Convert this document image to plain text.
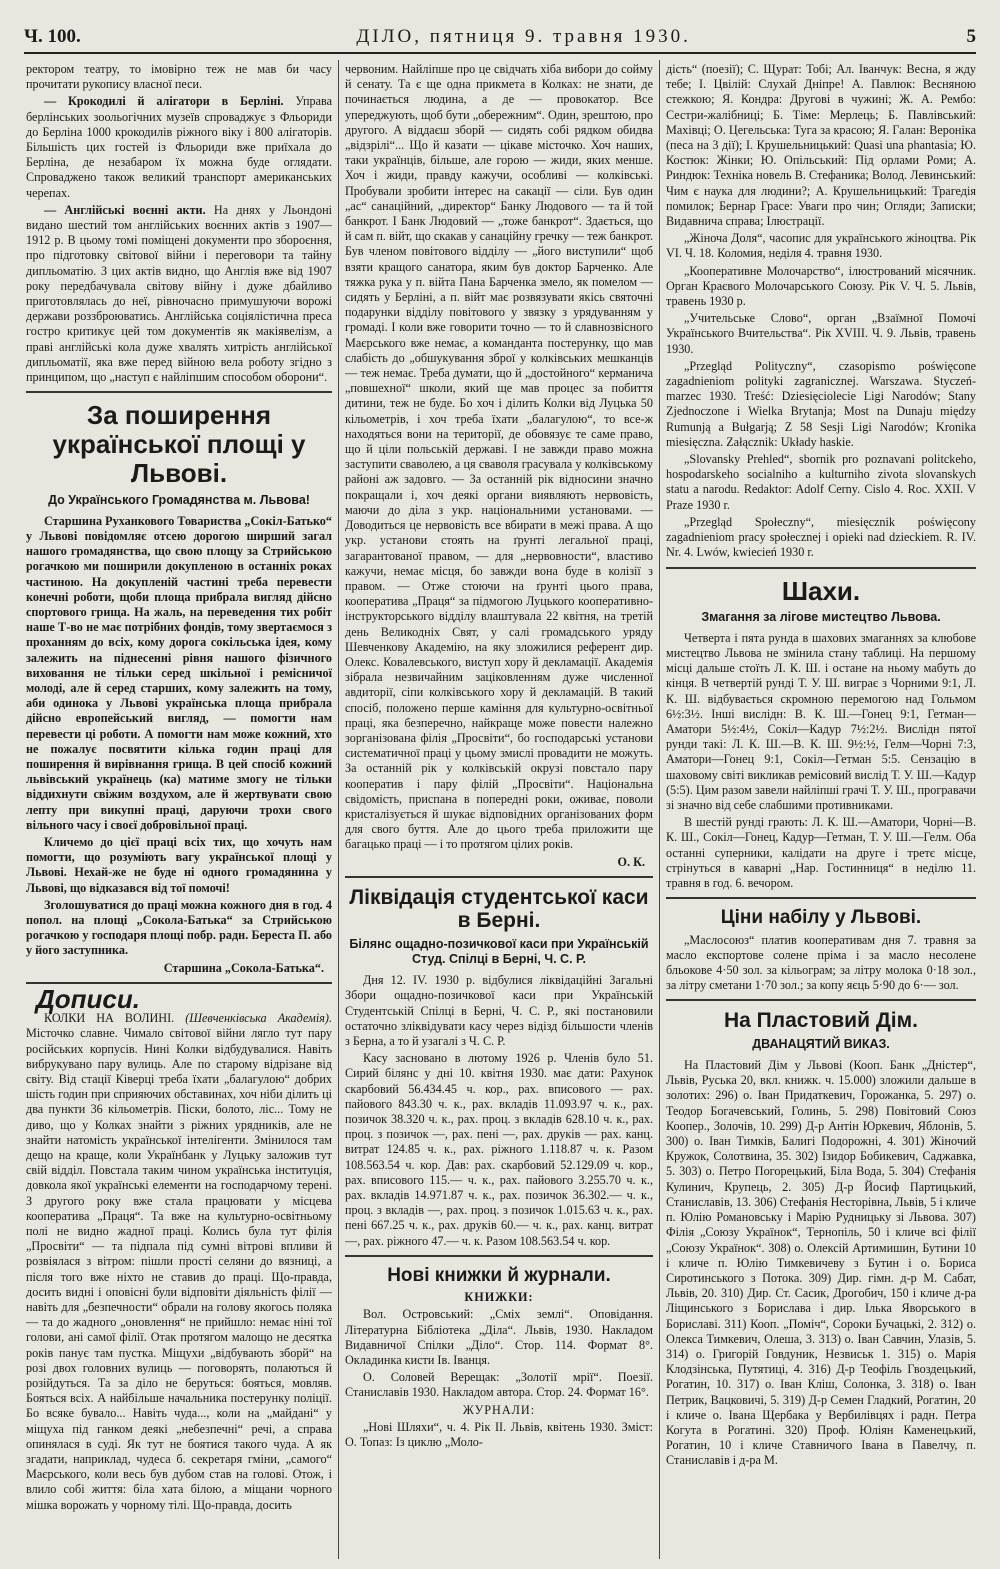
Ч. 100.	ДІЛО, пятниця 9. травня 1930.	5

ректором театру, то імовірно теж не мав би часу прочитати рукопису власної песи.

— Крокодилі й алігатори в Берліні. Управа берлінських зоольогічних музеїв спроваджує з Фльориди до Берліна 1000 крокодилів ріжного віку і 800 алігаторів. Більшість цих гостей із Фльориди вже приїхала до Берліна, де незабаром їх можна буде оглядати. Спроваджено також великий транспорт американських черепах.

— Англійські воєнні акти. На днях у Льондоні видано шестий том англійських воєнних актів з 1907—1912 р. В цьому томі поміщені документи про збороєння, про підготовку світової війни і переговори та тайну дипльоматію. З цих актів видно, що Англія вже від 1907 року передбачувала світову війну і дуже дбайливо приготовлялась до неї, рівночасно примушуючи ворожі держави роззброюватись. Англійська соціялістична преса гостро критикує цей том документів як макіявелізм, а праві англійські кола дуже хвалять хитрість англійської дипльоматії, яка вже перед війною вела роботу згідно з принципом, що „наступ є найліпшим способом оборони“.

За поширення української площі у Львові.
До Українського Громадянства м. Львова!

Старшина Руханкового Товариства „Сокіл-Батько“ у Львові повідомляє отсею дорогою ширший загал нашого громадянства, що свою площу за Стрийською рогачкою ми поширили докупленою в останніх роках частиною. На докупленій частині треба перевести конечні роботи, щоби площа прибрала вигляд дійсно спортового грища. На жаль, на переведення тих робіт наше Т-во не має потрібних фондів, тому звертаємося з проханням до всіх, кому дорога сокільська ідея, кому залежить на піднесенні рівня нашого фізичного виховання не тільки серед шкільної і ремісничої молоді, але й серед старших, кому залежить на тому, аби одинока у Львові українська площа прибрала дійсно европейський вигляд, — помогти нам перевести ці роботи. А помогти нам може кожний, хто не пожалує посвятити кілька годин праці для поширення й вирівнання грища. В цей спосіб кожний львівський українець (ка) матиме змогу не тільки віддихнути свіжим воздухом, але й жертвувати свою лепту при викупні праці, даруючи трохи свого вільного часу і своєї добровільної праці.

Кличемо до цієї праці всіх тих, що хочуть нам помогти, що розуміють вагу української площі у Львові. Нехай-же не буде ні одного громадянина у Львові, що відказався від тої помочі!

Зголошуватися до праці можна кожного дня в год. 4 попол. на площі „Сокола-Батька“ за Стрийською рогачкою у господаря площі побр. радн. Береста П. або у його заступника.

Старшина „Сокола-Батька“.
Дописи.

КОЛКИ НА ВОЛИНІ. (Шевченківська Академія). Місточко славне. Чимало світової війни лягло тут пару російських корпусів. Нині Колки відбудувалися. Навіть вибрукувано пару вулиць. Але по старому відрізане від світу. Від стації Ківерці треба їхати „балагулою“ добрих шість годин при сприяючих обставинах, хоч ніби ділить ці два пункти 36 кільометрів. Піски, болото, ліс... Тому не диво, що у Колках знайти з ріжних урядників, але не знайти натомість української інтелігенти. Змінилося там дещо на краще, коли Українбанк у Луцьку заложив тут свій відділ. Повстала таким чином українська інституція, довкола якої українські елементи на господарчому терені. З другого року вже стала працювати у місцева кооператива „Праця“. Та вже на культурно-освітньому полі не видно жадної праці. Колись була тут філія „Просвіти“ — та підпала під сумні вітрові впливи й розвіялася з вітром: пішли прості селяни до вязниці, а після того вже ніхто не ставив до праці. Що-правда, досить видні і оповісні були відповіти діяльність філії — навіть для „безпечности“ обрали на голову якогось поляка — та до жадного „оновлення“ не прийшло: немає ніні тої голови, ані самої філії. Отак протягом малощо не десятка років панує там пустка. Міщухи „відбувають зборй“ на розі двох головних вулиць — поговорять, полаються й розійдуться. Та за діло не беруться: бояться, мовляв. Бояться всіх. А найбільше начальника постерунку поліції. Бо всяке бувало... Навіть чуда..., коли на „майдані“ у міщуха під ганком деякі „небезпечні“ речі, а справа опинялася в суді. Як тут не боятися такого чуда. А як згадати, наприклад, чудеса б. секретаря гміни, „самого“ Маєрського, коли весь був дубом став на голові. Отож, і влило собі життя: біла хата білою, а міщани чорного мішка ворожать у чорному тілі. Що-правда, досить

червоним. Найліпше про це свідчать хіба вибори до сойму й сенату. Та є ще одна прикмета в Колках: не знати, де починається людина, а де — провокатор. Все упереджують, щоб бути „обережним“. Один, зрештою, про другого. А віддаєш зборй — сидять собі рядком обидва „відзрілі“... Що й казати — цікаве місточко. Хоч наших, таки українців, більше, але горою — жиди, яких менше. Хоч і жиди, правду кажучи, особливі — колківські. Пробували зробити інтерес на сакації — сіли. Був один „ас“ санаційний, „директор“ Банку Людового — та й той банкрот. І Банк Людовий — „тоже банкрот“. Здається, що й сам п. війт, що скакав у санаційну гречку — теж банкрот. Був членом повітового відділу — „його виступили“ щоб взяти кращого санатора, яким був доктор Барченко. Але тяжка рука у п. війта Пана Барченка змело, як помелом — сидять у Берліні, а п. війт має розвязувати якісь святочні подарунки відділу повітового у звязку з урядуванням у громаді. І коли вже говорити точно — то й славнозвісного Маєрського вже немає, а команданта постерунку, що мав слабість до „обшукування зброї у колківських мешканців — теж немає. Треба думати, що й „достойного“ керманича „повшехної“ школи, який ще мав процес за побиття дитини, теж не буде. Бо хоч і ділить Колки від Луцька 50 кільометрів, і хоч треба їхати „балагулою“, то все-ж находяться вони на території, де обовязує те саме право, що й ціли польській державі. І не завжди право можна заступити сваволею, а ця сваволя грасувала у колківському районі аж задовго. — За останній рік відносини значно покращали і, хоч деякі органи виявляють нервовість, маючи до діла з укр. національними установами. — Доводиться це нервовість все вбирати в межі права. А що укр. установи стоять на ґрунті легальної праці, загарантованої правом, — для „нервовности“, властиво кажучи, немає місця, бо завжди вона буде в колізії з правом. — Отже стоючи на ґрунті цього права, кооператива „Праця“ за підмогою Луцького кооперативно-інструкторського відділу влаштувала 22 квітня, на третій день Великодніх Свят, у салі громадського уряду Шевченкову Академію, на яку зложилися референт дир. Олекс. Ковалевського, виступ хору й декламації. Академія зібрала незвичайним заціковленням дуже численної авдиторії, сіпи колківського хору й декламацій. В такий спосіб, положено перше каміння для культурно-освітньої праці, яка безперечно, найкраще може повести належно зорганізована філія „Просвіти“, бо господарські установи систематичної праці у цьому змислі провадити не можуть. За останній рік у колківській окрузі повстало пару кооператив і пару філій „Просвіти“. Національна свідомість, приспана в попередні роки, оживає, поволи кристалізується й шукає відповідних організованих форм для свого буття. Але до цього треба приложити ще багацько праці — і то протягом цілих років.

О. К.
Ліквідація студентської каси в Берні.
Білянс ощадно-позичкової каси при Українській Студ. Спілці в Берні, Ч. С. Р.

Дня 12. IV. 1930 р. відбулися ліквідаційні Загальні Збори ощадно-позичкової каси при Українській Студентській Спілці в Берні, Ч. С. Р., які постановили остаточно зліквідувати касу через відізд більшости членів з Берна, а то й узагалі з Ч. С. Р.

Касу засновано в лютому 1926 р. Членів було 51. Сирий білянс у дні 10. квітня 1930. має дати: Рахунок скарбовий 56.434.45 ч. кор., рах. вписового — рах. пайового 843.30 ч. к., рах. вкладів 11.093.97 ч. к., рах. позичок 38.320 ч. к., рах. проц. з вкладів 628.10 ч. к., рах. проц. з позичок —, рах. пені —, рах. друків — рах. канц. витрат 124.85 ч. к., рах. ріжного 1.118.87 ч. к. Разом 108.563.54 ч. кор. Дав: рах. скарбовий 52.129.09 ч. кор., рах. вписового 115.— ч. к., рах. пайового 3.255.70 ч. к., рах. вкладів 14.971.87 ч. к., рах. позичок 36.302.— ч. к., проц. з вкладів —, рах. проц. з позичок 1.015.63 ч. к., рах. пені 667.25 ч. к., рах. друків 60.— ч. к., рах. канц. витрат —, рах. ріжного 47.— ч. к. Разом 108.563.54 ч. кор.

Нові книжки й журнали.

КНИЖКИ:

Вол. Островський: „Сміх землі“. Оповідання. Літературна Бібліотека „Діла“. Львів, 1930. Накладом Видавничої Спілки „Діло“. Стор. 114. Формат 8°. Окладинка кисти Ів. Іванця.

О. Соловей Верещак: „Золотії мрії“. Поезії. Станиславів 1930. Накладом автора. Стор. 24. Формат 16°.

ЖУРНАЛИ:

„Нові Шляхи“, ч. 4. Рік II. Львів, квітень 1930. Зміст: О. Топаз: Із циклю „Моло-

дість“ (поезії); С. Щурат: Тобі; Ал. Іванчук: Весна, я жду тебе; І. Цвілій: Слухай Дніпре! А. Павлюк: Весняною стежкою; Я. Кондра: Другові в чужині; Ж. А. Рембо: Сестри-жалібниці; Б. Тіме: Мерлець; Б. Павлівський: Махівці; О. Цегельська: Туга за красою; Я. Галан: Вероніка (песа на 3 дії); І. Крушельницький: Quasi una phantasia; Ю. Костюк: Жінки; Ю. Опільський: Під орлами Роми; А. Риндюк: Техніка новель В. Стефаника; Волод. Левинський: Чим є наука для людини?; А. Крушельницький: Трагедія помилок; Бернар Грасе: Уваги про чин; Огляди; Записки; Видавнича справа; Ілюстрації.

„Жіноча Доля“, часопис для українського жіноцтва. Рік VI. Ч. 18. Коломия, неділя 4. травня 1930.

„Кооперативне Молочарство“, ілюстрований місячник. Орган Краєвого Молочарського Союзу. Рік V. Ч. 5. Львів, травень 1930 р.

„Учительське Слово“, орган „Взаїмної Помочі Українського Вчительства“. Рік XVIII. Ч. 9. Львів, травень 1930.

„Przegląd Polityczny“, czasopismo poświęcone zagadnieniom polityki zagranicznej. Warszawa. Styczeń-marzec 1930. Treść: Dziesięciolecie Ligi Narodów; Stany Zjednoczone i Wielka Brytanja; Most na Dunaju między Rumunją a Bułgarją; Z 58 Sesji Ligi Narodów; Kronika miesięczna. Załącznik: Układy haskie.

„Slovansky Prehled“, sbornik pro poznavani politckeho, hospodarskeho socialniho a kulturniho zivota slovanskych statu a narodu. Redaktor: Adolf Cerny. Cislo 4. Roc. XXII. V Praze 1930 r.

„Przegląd Społeczny“, miesięcznik poświęcony zagadnieniom pracy społecznej i opieki nad dzieckiem. R. IV. Nr. 4. Lwów, kwiecień 1930 r.

Шахи.
Змагання за лігове мистецтво Львова.

Четверта і пята рунда в шахових змаганнях за клюбове мистецтво Львова не змінила стану таблиці. На першому місці дальше стоїть Л. К. Ш. і остане на ньому мабуть до кінця. В четвертій рунді Т. У. Ш. виграє з Чорними 9:1, Л. К. Ш. відбувається скромною перемогою над Гольмом 6½:3½. Інші вислідн: В. К. Ш.—Гонец 9:1, Гетман—Аматори 5½:4½, Сокіл—Кадур 7½:2½. Вислідн пятої рунди такі: Л. К. Ш.—В. К. Ш. 9½:½, Гелм—Чорні 7:3, Аматори—Гонец 9:1, Сокіл—Гетман 5:5. Сензацію в шаховому світі викликав ремісовий вислід Т. У. Ш.—Кадур (5:5). Цим разом завели найліпші грачі Т. У. Ш., програвачи зі значно від себе слабшими противниками.

В шестій рунді грають: Л. К. Ш.—Аматори, Чорні—В. К. Ш., Сокіл—Гонец, Кадур—Гетман, Т. У. Ш.—Гелм. Оба останні суперники, калідати на друге і третє місце, стрінуться в каварні „Нар. Гостинниця“ в неділю 11. травня в год. 6. вечором.

Ціни набілу у Львові.

„Маслосоюз“ платив кооперативам дня 7. травня за масло експортове солене пріма і за масло несолене бльокове 4·50 зол. за кільограм; за літру молока 0·18 зол., за літру сметани 1·70 зол.; за копу яєць 5·90 до 6·— зол.

На Пластовий Дім.
ДВАНАЦЯТИЙ ВИКАЗ.

На Пластовий Дім у Львові (Кооп. Банк „Дністер“, Львів, Руська 20, вкл. книжк. ч. 15.000) зложили дальше в золотих: 296) о. Іван Придаткевич, Горожанка, 5. 297) о. Теодор Богачевський, Голинь, 5. 298) Повітовий Союз Коопер., Золочів, 10. 299) Д-р Антін Юркевич, Яблонів, 5. 300) о. Іван Тимків, Балигі Подорожні, 4. 301) Жіночий Кружок, Солотвина, 35. 302) Ізидор Бобикевич, Саджавка, 5. 303) о. Петро Погорецький, Біла Вода, 5. 304) Стефанія Кулинич, Крупець, 2. 305) Д-р Йосиф Партицький, Станиславів, 13. 306) Стефанія Несторівна, Львів, 5 і кличе п. Юлію Романовську і Марію Рудницьку зі Львова. 307) Філія „Союзу Українок“, Тернопіль, 50 і кличе всі філії „Союзу Українок“. 308) о. Олексій Артимишин, Бутини 10 і кличе п. Юлію Тимкевичеву з Бутин і о. Бориса Сиротинського з Потока. 309) Дир. гімн. д-р М. Сабат, Львів, 20. 310) Дир. Ст. Сасик, Дрогобич, 150 і кличе д-ра Ліщинського з Борислава і дир. Ілька Яворського в Бориславі. 311) Кооп. „Поміч“, Сороки Бучацькі, 2. 312) о. Олекса Тимкевич, Олеша, 3. 313) о. Іван Савчин, Улазів, 5. 314) о. Григорій Говдуник, Незвиськ 1. 315) о. Марія Клодзінська, Путятиці, 4. 316) Д-р Теофіль Гвоздецький, Рогатин, 10. 317) о. Іван Кліш, Солонка, 3. 318) о. Іван Петрик, Вацковичі, 5. 319) Д-р Семен Гладкий, Рогатин, 20 і кличе о. Івана Щербака у Вербилівцях і радн. Петра Когута в Рогатині. 320) Проф. Юліян Каменецький, Рогатин, 10 і кличе Ставничого Івана в Павелчу, п. Станиславів і д-ра М.
